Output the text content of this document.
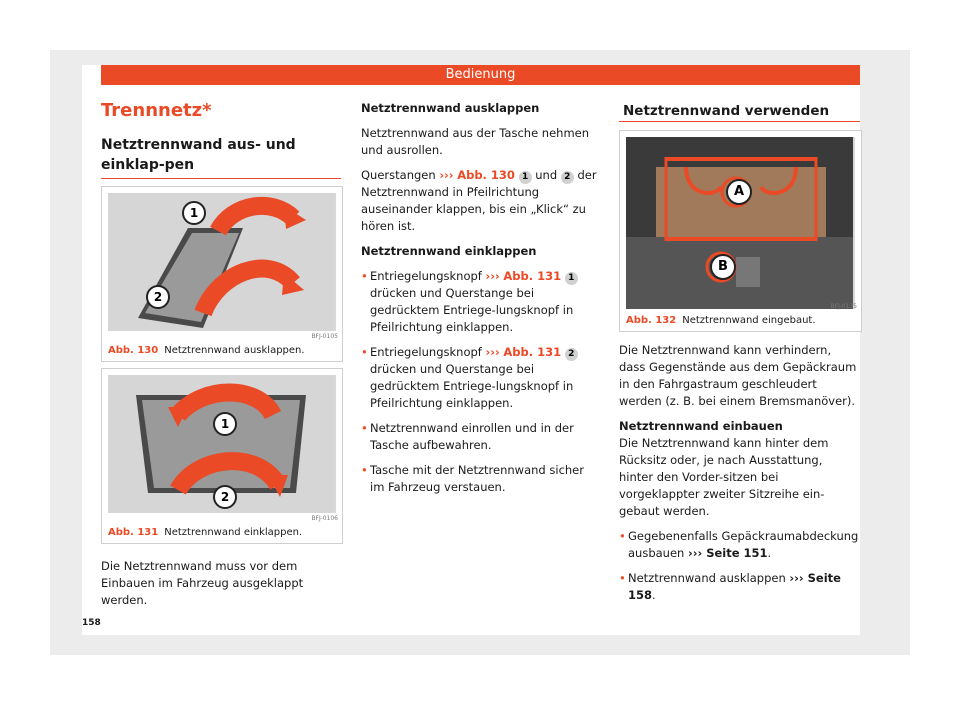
Bedienung
Trennnetz*
Netztrennwand aus- und einklap-pen
1
2
BFJ-0105
Abb. 130 Netztrennwand ausklappen.
1
2
BFJ-0106
Abb. 131 Netztrennwand einklappen.
Die Netztrennwand muss vor dem Einbauen im Fahrzeug ausgeklappt werden.

Netztrennwand ausklappen

Netztrennwand aus der Tasche nehmen und ausrollen.

Querstangen ››› Abb. 130 1 und 2 der Netztrennwand in Pfeilrichtung auseinander klappen, bis ein „Klick“ zu hören ist.

Netztrennwand einklappen

• Entriegelungsknopf ››› Abb. 131 1 drücken und Querstange bei gedrücktem Entriege-lungsknopf in Pfeilrichtung einklappen.

• Entriegelungsknopf ››› Abb. 131 2 drücken und Querstange bei gedrücktem Entriege-lungsknopf in Pfeilrichtung einklappen.

• Netztrennwand einrollen und in der Tasche aufbewahren.

• Tasche mit der Netztrennwand sicher im Fahrzeug verstauen.

Netztrennwand verwenden
A
B
BFJ-0135
Abb. 132 Netztrennwand eingebaut.

Die Netztrennwand kann verhindern, dass Gegenstände aus dem Gepäckraum in den Fahrgastraum geschleudert werden (z. B. bei einem Bremsmanöver).

Netztrennwand einbauen

Die Netztrennwand kann hinter dem Rücksitz oder, je nach Ausstattung, hinter den Vorder-sitzen bei vorgeklappter zweiter Sitzreihe ein-gebaut werden.

• Gegebenenfalls Gepäckraumabdeckung ausbauen ››› Seite 151.

• Netztrennwand ausklappen ››› Seite 158.

158
